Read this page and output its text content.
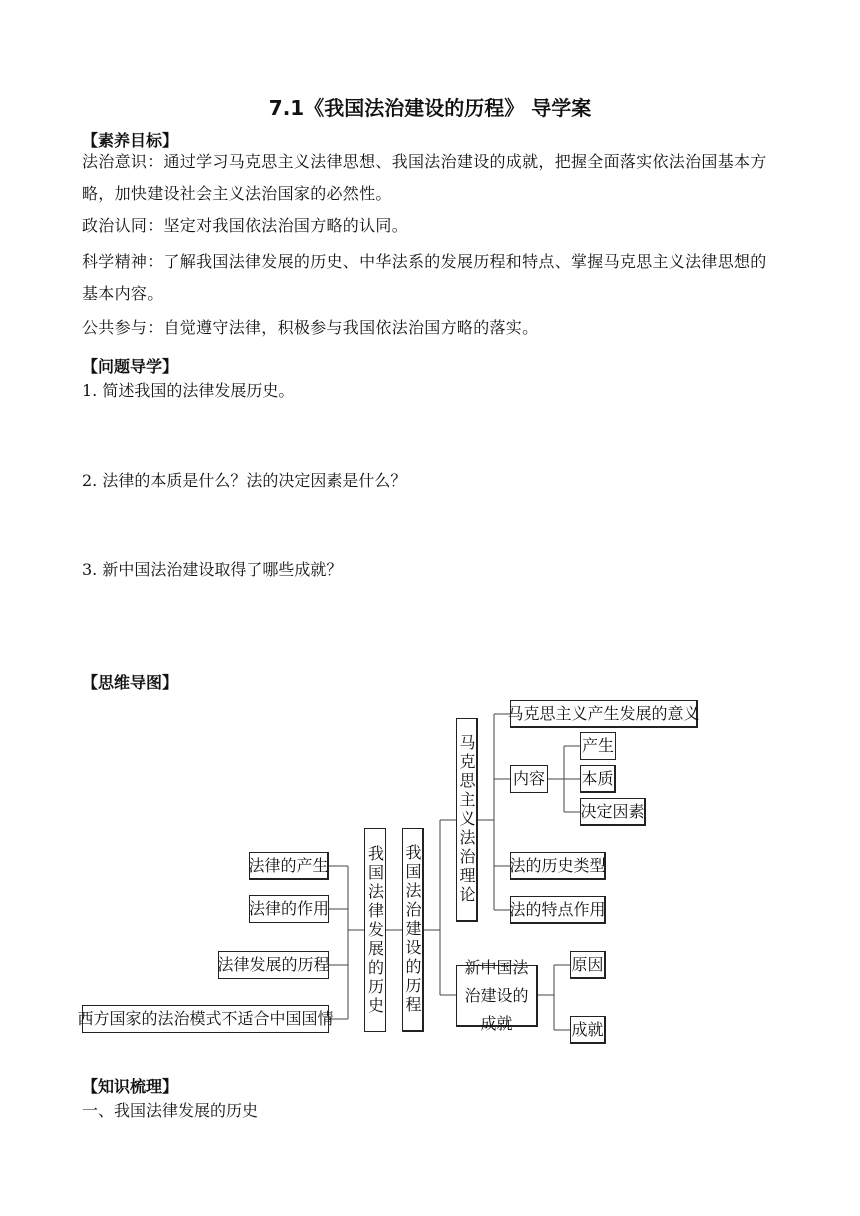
7.1《我国法治建设的历程》 导学案
【素养目标】
法治意识：通过学习马克思主义法律思想、我国法治建设的成就，把握全面落实依法治国基本方略，加快建设社会主义法治国家的必然性。
政治认同：坚定对我国依法治国方略的认同。
科学精神：了解我国法律发展的历史、中华法系的发展历程和特点、掌握马克思主义法律思想的基本内容。
公共参与：自觉遵守法律，积极参与我国依法治国方略的落实。
【问题导学】
1. 简述我国的法律发展历史。
2. 法律的本质是什么？法的决定因素是什么？
3. 新中国法治建设取得了哪些成就？
【思维导图】
法律的产生
法律的作用
法律发展的历程
西方国家的法治模式不适合中国国情
我国法律发展的历史 我国法治建设的历程
马克思主义法治理论
马克思主义产生发展的意义
内容
法的历史类型
法的特点作用
产生
本质
决定因素
新中国法治建设的成就
原因
成就
【知识梳理】
一、我国法律发展的历史
